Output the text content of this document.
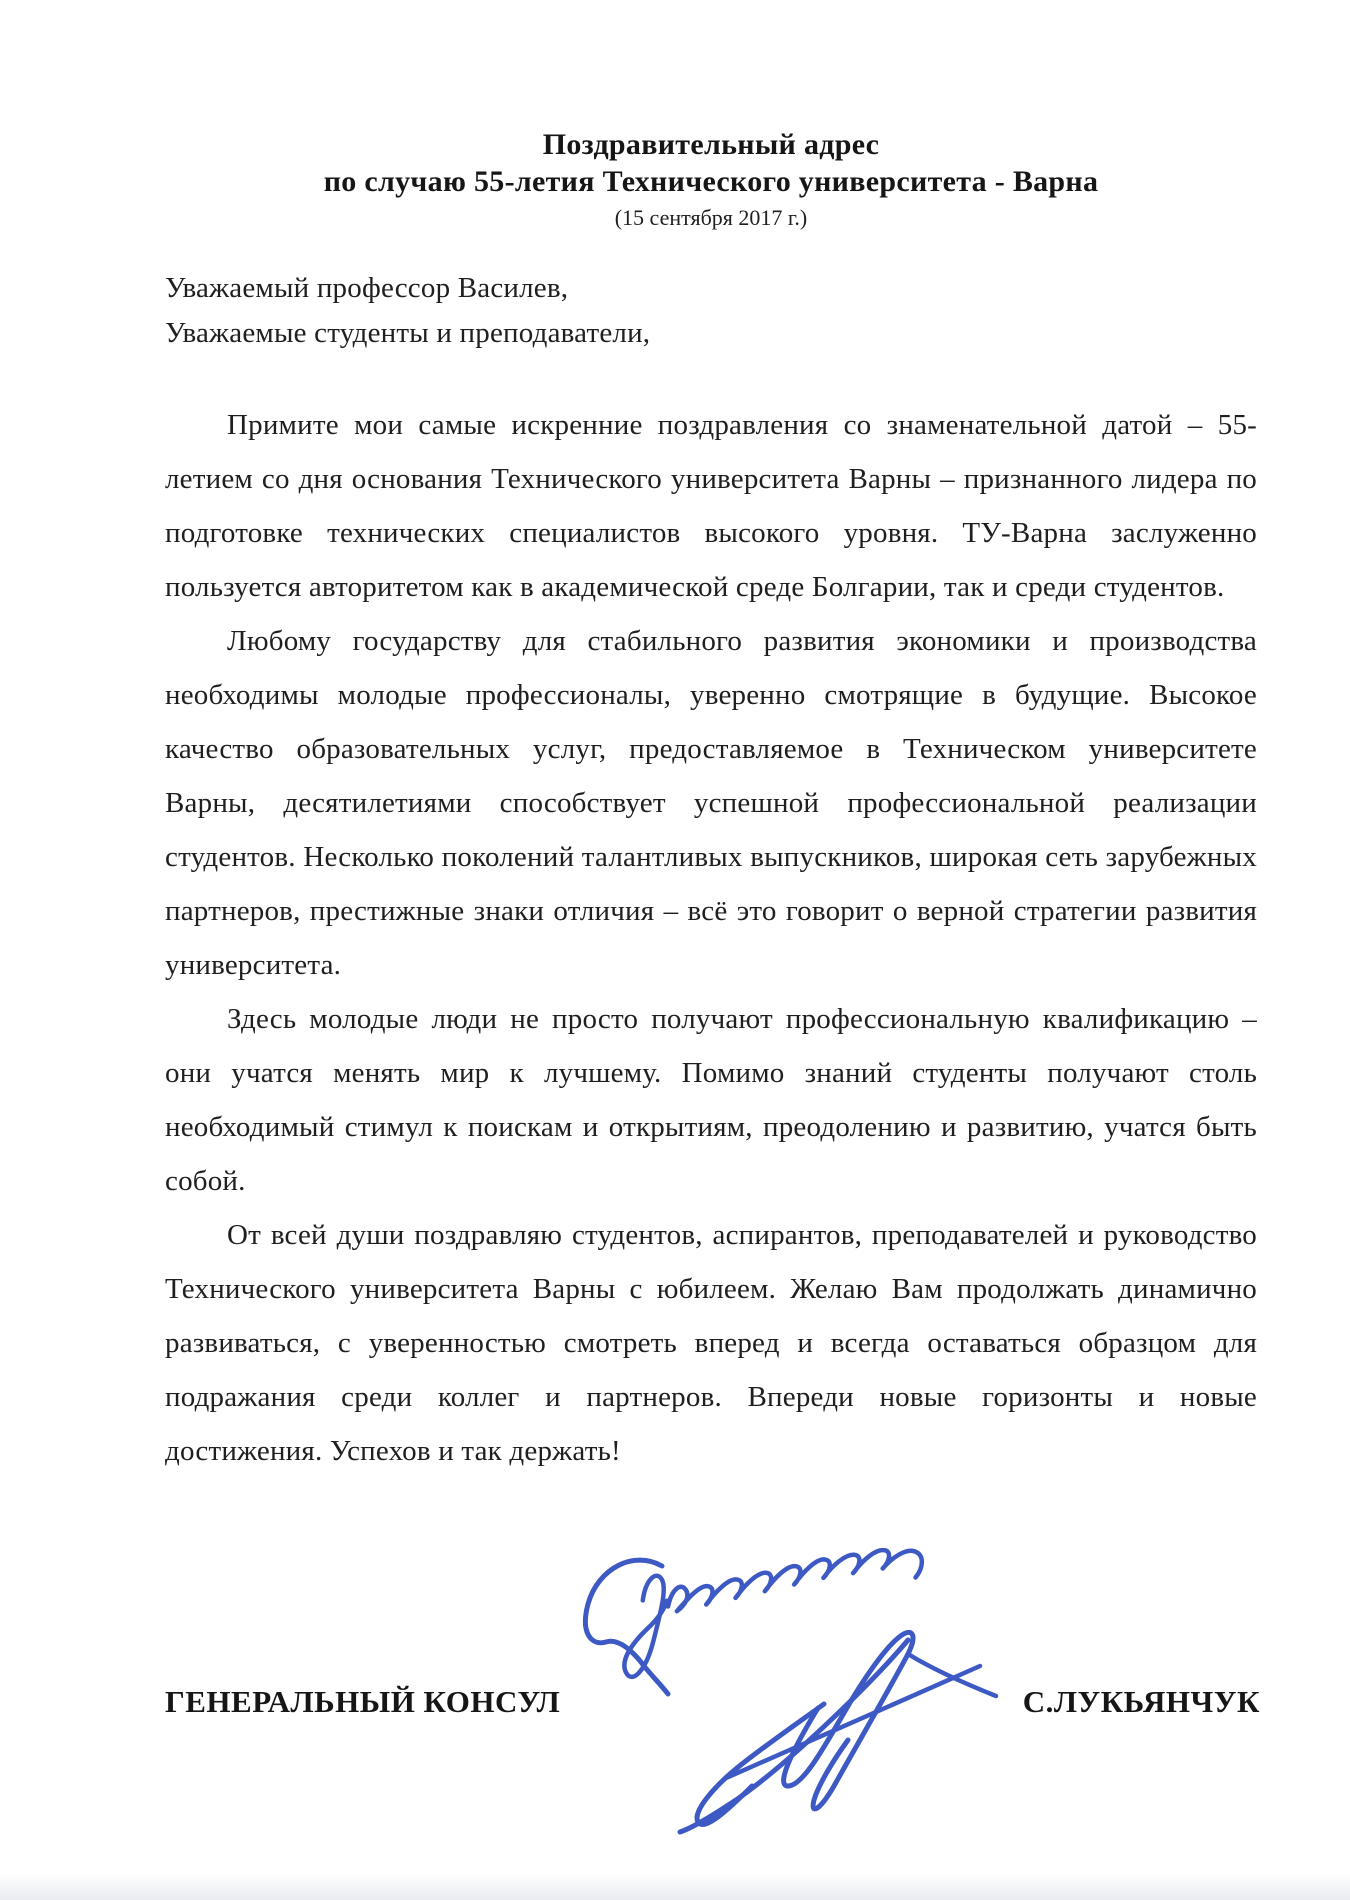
Поздравительный адрес
по случаю 55-летия Технического университета - Варна
(15 сентября 2017 г.)
Уважаемый профессор Василев,
Уважаемые студенты и преподаватели,

Примите мои самые искренние поздравления со знаменательной датой – 55-летием со дня основания Технического университета Варны – признанного лидера по подготовке технических специалистов высокого уровня. ТУ-Варна заслуженно пользуется авторитетом как в академической среде Болгарии, так и среди студентов.

Любому государству для стабильного развития экономики и производства необходимы молодые профессионалы, уверенно смотрящие в будущие. Высокое качество образовательных услуг, предоставляемое в Техническом университете Варны, десятилетиями способствует успешной профессиональной реализации студентов. Несколько поколений талантливых выпускников, широкая сеть зарубежных партнеров, престижные знаки отличия – всё это говорит о верной стратегии развития университета.

Здесь молодые люди не просто получают профессиональную квалификацию – они учатся менять мир к лучшему. Помимо знаний студенты получают столь необходимый стимул к поискам и открытиям, преодолению и развитию, учатся быть собой.

От всей души поздравляю студентов, аспирантов, преподавателей и руководство Технического университета Варны с юбилеем. Желаю Вам продолжать динамично развиваться, с уверенностью смотреть вперед и всегда оставаться образцом для подражания среди коллег и партнеров. Впереди новые горизонты и новые достижения. Успехов и так держать!

ГЕНЕРАЛЬНЫЙ КОНСУЛ	С.ЛУКЬЯНЧУК
